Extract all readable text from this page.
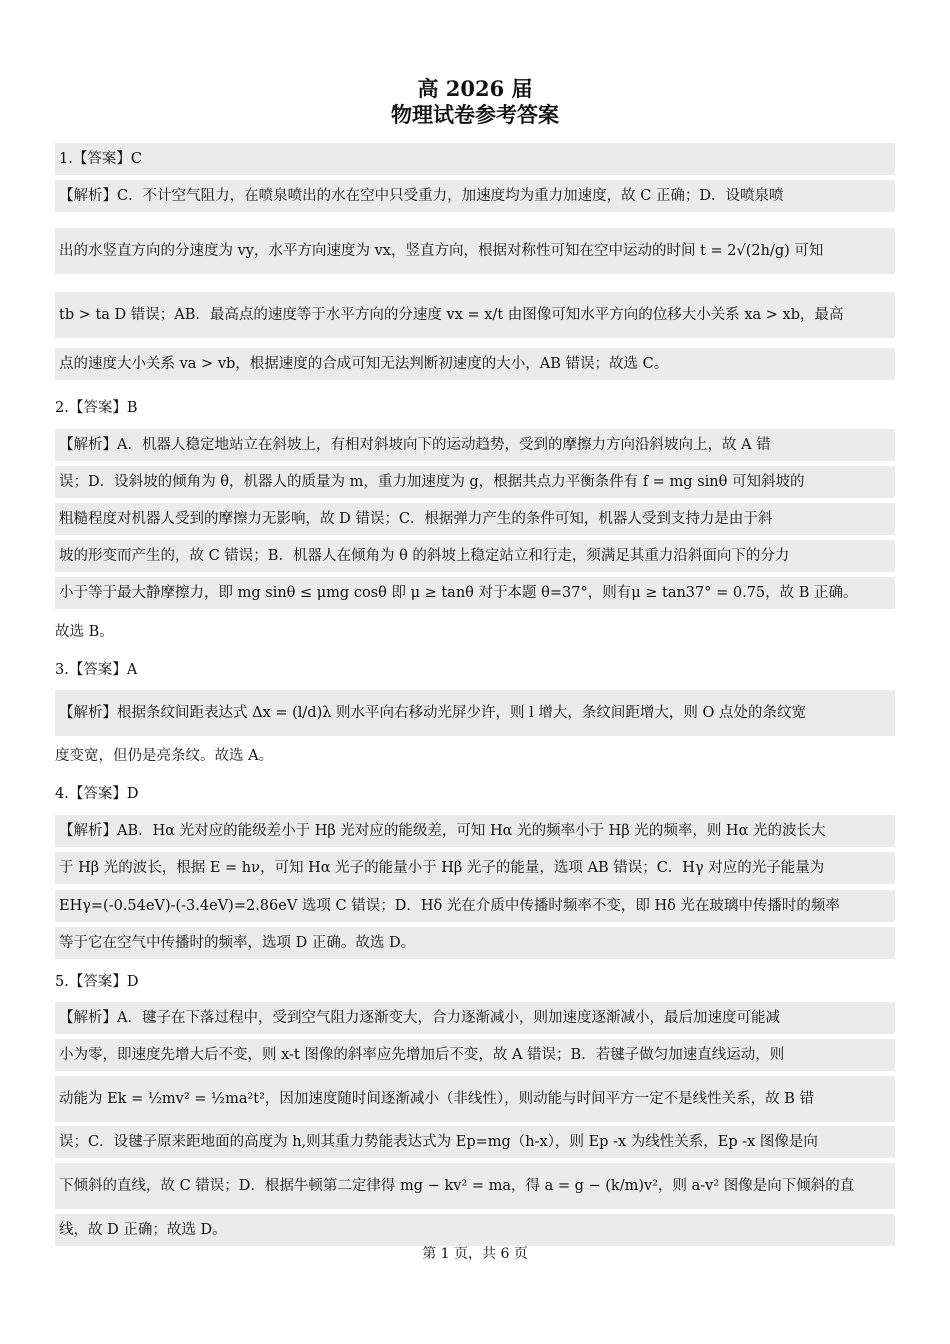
高 2026 届
物理试卷参考答案
1.【答案】C
【解析】C．不计空气阻力，在喷泉喷出的水在空中只受重力，加速度均为重力加速度，故 C 正确；D．设喷泉喷
出的水竖直方向的分速度为 vy，水平方向速度为 vx，竖直方向，根据对称性可知在空中运动的时间 t = 2√(2h/g) 可知
tb > ta D 错误；AB．最高点的速度等于水平方向的分速度 vx = x/t 由图像可知水平方向的位移大小关系 xa > xb，最高
点的速度大小关系 va > vb，根据速度的合成可知无法判断初速度的大小，AB 错误；故选 C。
2.【答案】B
【解析】A．机器人稳定地站立在斜坡上，有相对斜坡向下的运动趋势，受到的摩擦力方向沿斜坡向上，故 A 错
误；D．设斜坡的倾角为 θ，机器人的质量为 m，重力加速度为 g，根据共点力平衡条件有 f = mg sinθ 可知斜坡的
粗糙程度对机器人受到的摩擦力无影响，故 D 错误；C．根据弹力产生的条件可知，机器人受到支持力是由于斜
坡的形变而产生的，故 C 错误；B．机器人在倾角为 θ 的斜坡上稳定站立和行走，须满足其重力沿斜面向下的分力
小于等于最大静摩擦力，即 mg sinθ ≤ μmg cosθ 即 μ ≥ tanθ 对于本题 θ=37°，则有μ ≥ tan37° = 0.75，故 B 正确。
故选 B。
3.【答案】A
【解析】根据条纹间距表达式 Δx = (l/d)λ 则水平向右移动光屏少许，则 l 增大，条纹间距增大，则 O 点处的条纹宽
度变宽，但仍是亮条纹。故选 A。
4.【答案】D
【解析】AB．Hα 光对应的能级差小于 Hβ 光对应的能级差，可知 Hα 光的频率小于 Hβ 光的频率，则 Hα 光的波长大
于 Hβ 光的波长，根据 E = hν，可知 Hα 光子的能量小于 Hβ 光子的能量，选项 AB 错误；C．Hγ 对应的光子能量为
EHγ=(-0.54eV)-(-3.4eV)=2.86eV 选项 C 错误；D．Hδ 光在介质中传播时频率不变，即 Hδ 光在玻璃中传播时的频率
等于它在空气中传播时的频率，选项 D 正确。故选 D。
5.【答案】D
【解析】A．毽子在下落过程中，受到空气阻力逐渐变大，合力逐渐减小，则加速度逐渐减小，最后加速度可能减
小为零，即速度先增大后不变，则 x-t 图像的斜率应先增加后不变，故 A 错误；B．若毽子做匀加速直线运动，则
动能为 Ek = ½mv² = ½ma²t²，因加速度随时间逐渐减小（非线性），则动能与时间平方一定不是线性关系，故 B 错
误；C．设毽子原来距地面的高度为 h,则其重力势能表达式为 Ep=mg（h-x），则 Ep -x 为线性关系，Ep -x 图像是向
下倾斜的直线，故 C 错误；D．根据牛顿第二定律得 mg − kv² = ma，得 a = g − (k/m)v²，则 a-v² 图像是向下倾斜的直
线，故 D 正确；故选 D。
第 1 页，共 6 页
